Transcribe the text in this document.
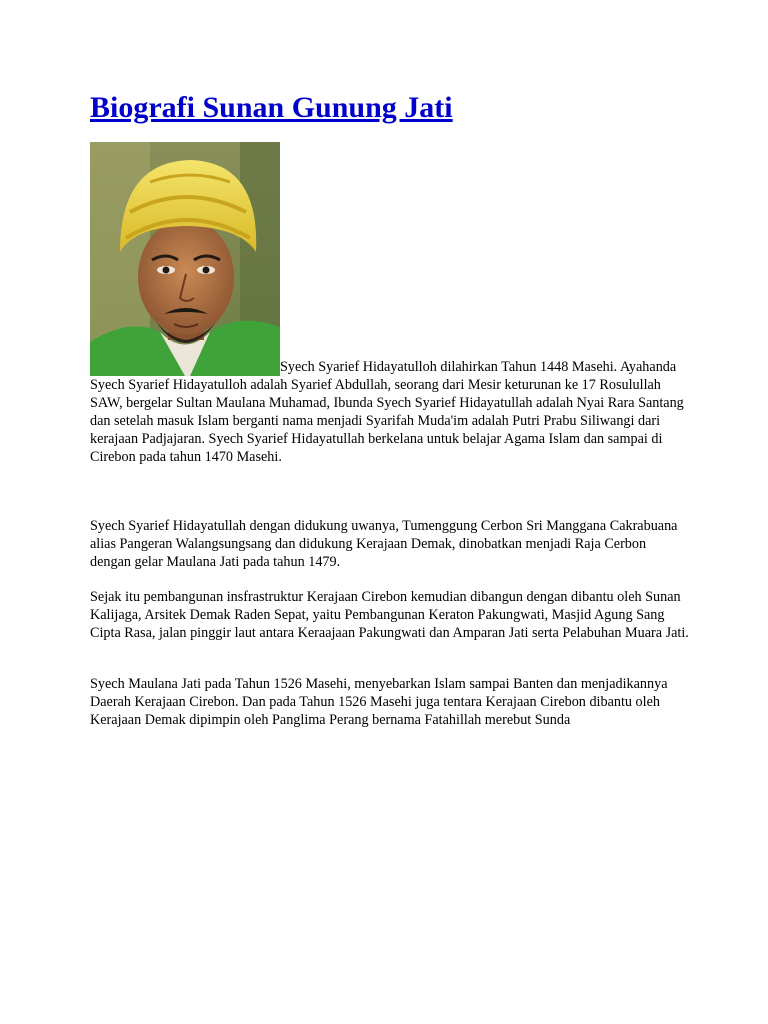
Biografi Sunan Gunung Jati

Syech Syarief Hidayatulloh dilahirkan Tahun 1448 Masehi. Ayahanda Syech Syarief Hidayatulloh adalah Syarief Abdullah, seorang dari Mesir keturunan ke 17 Rosulullah SAW, bergelar Sultan Maulana Muhamad, Ibunda Syech Syarief Hidayatullah adalah Nyai Rara Santang dan setelah masuk Islam berganti nama menjadi Syarifah Muda'im adalah Putri Prabu Siliwangi dari kerajaan Padjajaran. Syech Syarief Hidayatullah berkelana untuk belajar Agama Islam dan sampai di Cirebon pada tahun 1470 Masehi.

Syech Syarief Hidayatullah dengan didukung uwanya, Tumenggung Cerbon Sri Manggana Cakrabuana alias Pangeran Walangsungsang dan didukung Kerajaan Demak, dinobatkan menjadi Raja Cerbon dengan gelar Maulana Jati pada tahun 1479.

Sejak itu pembangunan insfrastruktur Kerajaan Cirebon kemudian dibangun dengan dibantu oleh Sunan Kalijaga, Arsitek Demak Raden Sepat, yaitu Pembangunan Keraton Pakungwati, Masjid Agung Sang Cipta Rasa, jalan pinggir laut antara Keraajaan Pakungwati dan Amparan Jati serta Pelabuhan Muara Jati.

Syech Maulana Jati pada Tahun 1526 Masehi, menyebarkan Islam sampai Banten dan menjadikannya Daerah Kerajaan Cirebon. Dan pada Tahun 1526 Masehi juga tentara Kerajaan Cirebon dibantu oleh Kerajaan Demak dipimpin oleh Panglima Perang bernama Fatahillah merebut Sunda
